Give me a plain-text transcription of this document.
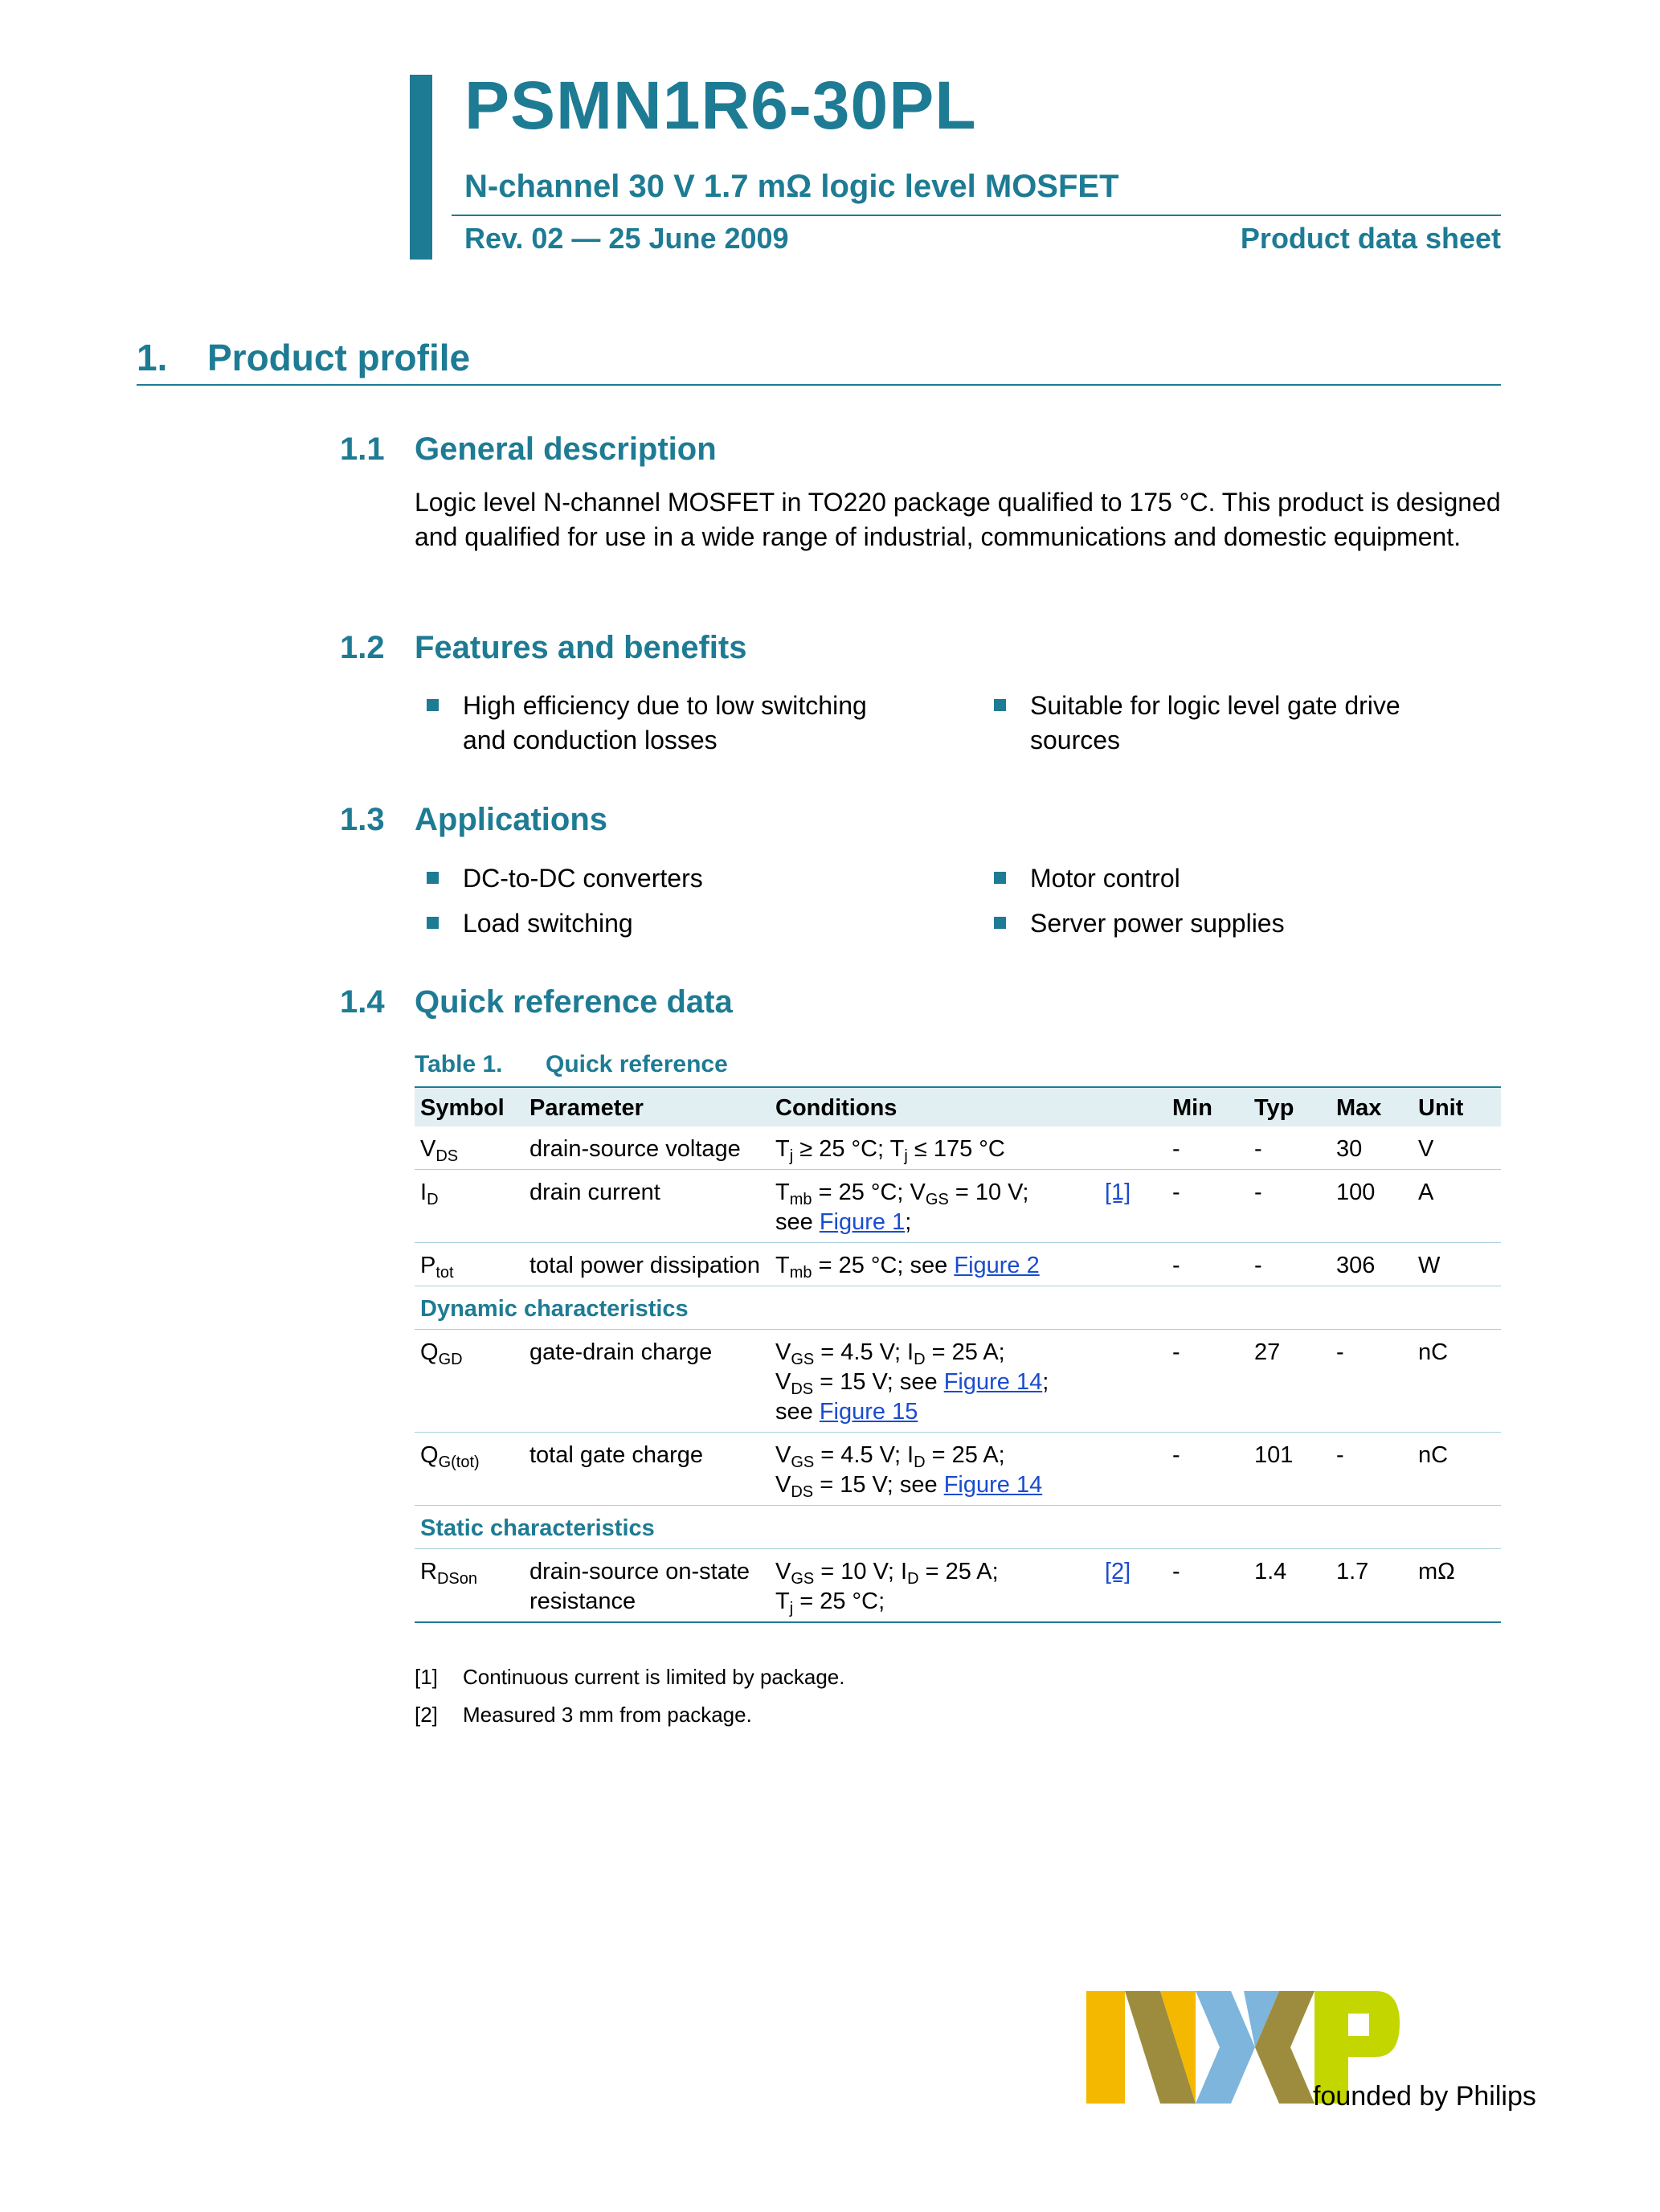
PSMN1R6-30PL
N-channel 30 V 1.7 mΩ logic level MOSFET
Rev. 02 — 25 June 2009	Product data sheet
1. Product profile
1.1 General description
Logic level N-channel MOSFET in TO220 package qualified to 175 °C. This product is designed and qualified for use in a wide range of industrial, communications and domestic equipment.
1.2 Features and benefits
High efficiency due to low switching and conduction losses
Suitable for logic level gate drive sources
1.3 Applications
DC-to-DC converters	Motor control
Load switching	Server power supplies
1.4 Quick reference data
Table 1. Quick reference
Symbol	Parameter	Conditions		Min	Typ	Max	Unit
$V_{DS}$	drain-source voltage	$T_j \ge 25$ °C; $T_j \le 175$ °C		-	-	30	V
$I_D$	drain current	$T_{mb} = 25$ °C; $V_{GS} = 10$ V;
see Figure 1;	[1]	-	-	100	A
$P_{tot}$	total power dissipation	$T_{mb} = 25$ °C; see Figure 2		-	-	306	W
Dynamic characteristics							
$Q_{GD}$	gate-drain charge	$V_{GS} = 4.5$ V; $I_D = 25$ A;
$V_{DS} = 15$ V; see Figure 14;
see Figure 15		-	27	-	nC
$Q_{G(tot)}$	total gate charge	$V_{GS} = 4.5$ V; $I_D = 25$ A;
$V_{DS} = 15$ V; see Figure 14		-	101	-	nC
Static characteristics							
$R_{DSon}$	drain-source on-state resistance	$V_{GS} = 10$ V; $I_D = 25$ A;
$T_j = 25$ °C;	[2]	-	1.4	1.7	mΩ
[1] Continuous current is limited by package.
[2] Measured 3 mm from package.
founded by Philips
